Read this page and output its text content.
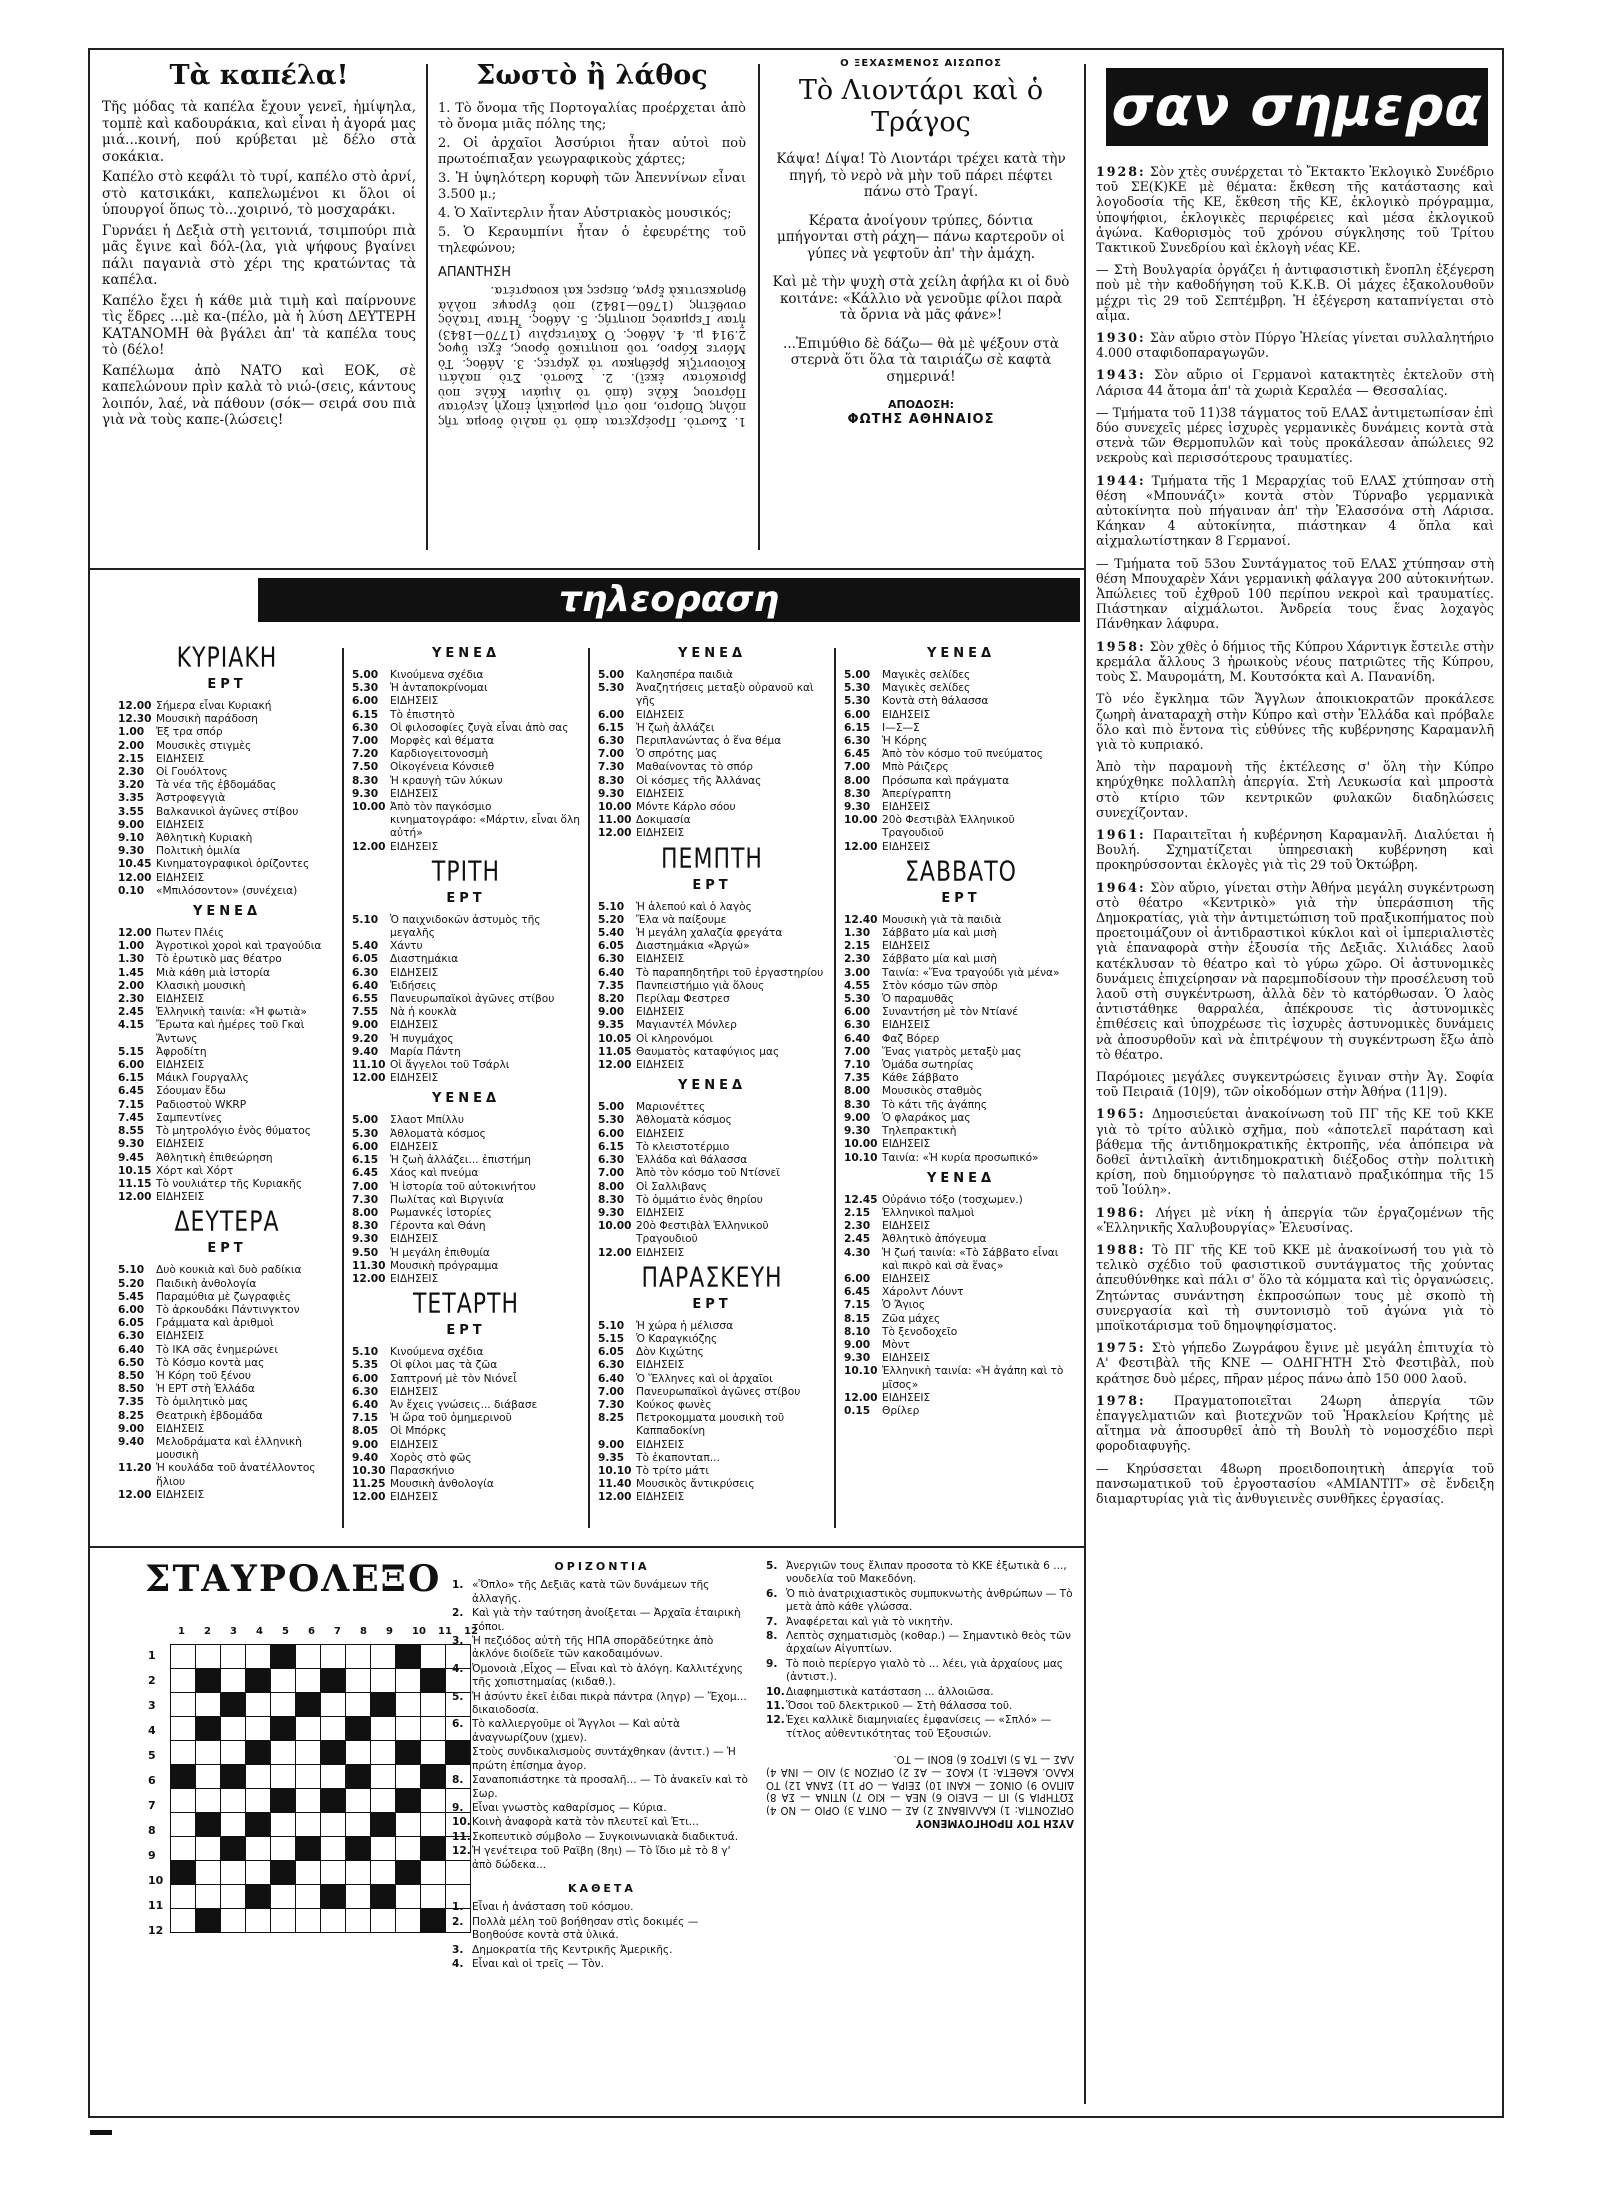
Τὰ καπέλα!

Τῆς μόδας τὰ καπέλα ἔχουν γενεῖ, ἡμίψηλα, τομπὲ καὶ καδουράκια, καὶ εἶναι ἡ ἀγορά μας μιά...κοινή, πού κρύβεται μὲ δέλο στὰ σοκάκια.

Καπέλο στὸ κεφάλι τὸ τυρί, καπέλο στὸ ἀρνί, στὸ κατσικάκι, καπελωμένοι κι ὅλοι οἱ ὑπουργοί ὅπως τὸ...χοιρινό, τὸ μοσχαράκι.

Γυρνάει ἡ Δεξιὰ στὴ γειτονιά, τσιμπούρι πιὰ μᾶς ἔγινε καὶ δόλ-(λα, γιὰ ψήφους βγαίνει πάλι παγανιὰ στὸ χέρι της κρατώντας τὰ καπέλα.

Καπέλο ἔχει ἡ κάθε μιὰ τιμὴ καὶ παίρνουνε τὶς ἕδρες ...μὲ κα-(πέλο, μὰ ἡ λύση ΔΕΥΤΕΡΗ ΚΑΤΑΝΟΜΗ θὰ βγάλει ἀπ' τὰ καπέλα τους τὸ (δέλο!

Καπέλωμα ἀπὸ ΝΑΤΟ καὶ ΕΟΚ, σὲ καπελώνουν πρὶν καλὰ τὸ νιώ-(σεις, κάντους λοιπόν, λαέ, νὰ πάθουν (σόκ— σειρά σου πιὰ γιὰ νὰ τοὺς καπε-(λώσεις!

Σωστὸ ἢ λάθος
1. Τὸ ὄνομα τῆς Πορτογαλίας προέρχεται ἀπὸ τὸ ὄνομα μιᾶς πόλης της;
2. Οἱ ἀρχαῖοι Ἀσσύριοι ἦταν αὐτοὶ ποὺ πρωτοέπιαξαν γεωγραφικοὺς χάρτες;
3. Ἡ ὑψηλότερη κορυφὴ τῶν Ἀπεννίνων εἶναι 3.500 μ.;
4. Ὁ Χαϊντερλιν ἦταν Αὐστριακὸς μουσικός;
5. Ὁ Κεραυμπίνι ἦταν ὁ ἐφευρέτης τοῦ τηλεφώνου;
ΑΠΑΝΤΗΣΗ
1. Σωστὸ. Προέρχεται ἀπὸ τὸ παλιὸ ὄνομα τῆς πόλης Ὀπόρτο, ποὺ στὴ ρωμαϊκὴ ἐποχὴ λεγόταν Πόρτους Κάλε (ἀπὸ τὸ λιμάνι Κάλε ποὺ βρισκόταν ἐκεῖ). 2. Σωστὸ. Στὸ παλάτι Κοϊουντζὶκ βρέθηκαν τὰ χάρτες. 3. Λάθος. Τὸ Μόντε Κόρνο, τοῦ ποιητικοῦ ὄρους, ἔχει ὕψος 2.914 μ. 4. Λάθος. Ὁ Χαϊντερλιν (1770—1843) ἦταν Γερμανὸς ποιητής. 5. Λάθος. Ἦταν Ἰταλὸς συνθέτης (1760—1842) ποὺ ἔγραψε πολλὰ θρησκευτικὰ ἔργα, ὄπερες καὶ κουαρτέτα.
Ο ΞΕΧΑΣΜΕΝΟΣ ΑΙΣΩΠΟΣ
Τὸ Λιοντάρι καὶ ὁ Τράγος

Κάψα! Δίψα! Τὸ Λιοντάρι τρέχει κατὰ τὴν πηγή, τὸ νερὸ νὰ μὴν τοῦ πάρει πέφτει πάνω στὸ Τραγί.

Κέρατα ἀνοίγουν τρύπες, δόντια μπήγονται στὴ ράχη— πάνω καρτεροῦν οἱ γύπες νὰ γεφτοῦν ἀπ' τὴν ἀμάχη.

Καὶ μὲ τὴν ψυχὴ στὰ χείλη ἀφήλα κι οἱ δυὸ κοιτάνε: «Κάλλιο νὰ γενοῦμε φίλοι παρὰ τὰ ὄρνια νὰ μᾶς φάνε»!

...Ἐπιμύθιο δὲ δάζω— θὰ μὲ ψέξουν στὰ στερνὰ ὅτι ὅλα τὰ ταιριάζω σὲ καφτὰ σημερινά!

ΑΠΟΔΟΣΗ:
ΦΩΤΗΣ ΑΘΗΝΑΙΟΣ
σαν σημερα

1928: Σὸν χτὲς συνέρχεται τὸ Ἔκτακτο Ἐκλογικὸ Συνέδριο τοῦ ΣΕ(Κ)ΚΕ μὲ θέματα: ἔκθεση τῆς κατάστασης καὶ λογοδοσία τῆς ΚΕ, ἔκθεση τῆς ΚΕ, ἐκλογικὸ πρόγραμμα, ὑποψήφιοι, ἐκλογικὲς περιφέρειες καὶ μέσα ἐκλογικοῦ ἀγώνα. Καθορισμὸς τοῦ χρόνου σύγκλησης τοῦ Τρίτου Τακτικοῦ Συνεδρίου καὶ ἐκλογὴ νέας ΚΕ.

— Στὴ Βουλγαρία ὀργάζει ἡ ἀντιφασιστικὴ ἔνοπλη ἐξέγερση ποὺ μὲ τὴν καθοδήγηση τοῦ Κ.Κ.Β. Οἱ μάχες ἐξακολουθοῦν μέχρι τὶς 29 τοῦ Σεπτέμβρη. Ἡ ἐξέγερση καταπνίγεται στὸ αἷμα.

1930: Σὰν αὔριο στὸν Πύργο Ἠλείας γίνεται συλλαλητήριο 4.000 σταφιδοπαραγωγῶν.

1943: Σὸν αὔριο οἱ Γερμανοὶ κατακτητὲς ἐκτελοῦν στὴ Λάρισα 44 ἄτομα ἀπ' τὰ χωριὰ Κεραλέα — Θεσσαλίας.

— Τμήματα τοῦ 11)38 τάγματος τοῦ ΕΛΑΣ ἀντιμετωπίσαν ἐπὶ δύο συνεχεῖς μέρες ἰσχυρὲς γερμανικὲς δυνάμεις κοντὰ στὰ στενὰ τῶν Θερμοπυλῶν καὶ τοὺς προκάλεσαν ἀπώλειες 92 νεκροὺς καὶ περισσότερους τραυματίες.

1944: Τμήματα τῆς 1 Μεραρχίας τοῦ ΕΛΑΣ χτύπησαν στὴ θέση «Μπουνάζι» κοντὰ στὸν Τύρναβο γερμανικὰ αὐτοκίνητα ποὺ πήγαιναν ἀπ' τὴν Ἐλασσόνα στὴ Λάρισα. Κάηκαν 4 αὐτοκίνητα, πιάστηκαν 4 ὅπλα καὶ αἰχμαλωτίστηκαν 8 Γερμανοί.

— Τμήματα τοῦ 53ου Συντάγματος τοῦ ΕΛΑΣ χτύπησαν στὴ θέση Μπουχαρὲν Χάνι γερμανικὴ φάλαγγα 200 αὐτοκινήτων. Ἀπώλειες τοῦ ἐχθροῦ 100 περίπου νεκροὶ καὶ τραυματίες. Πιάστηκαν αἰχμάλωτοι. Ἀνδρεία τους ἕνας λοχαγὸς Πάνθηκαν λάφυρα.

1958: Σὸν χθὲς ὁ δήμιος τῆς Κύπρου Χάρντιγκ ἔστειλε στὴν κρεμάλα ἄλλους 3 ἡρωικοὺς νέους πατριῶτες τῆς Κύπρου, τοὺς Σ. Μαυρομάτη, Μ. Κουτσόκτα καὶ Α. Πανανίδη.

Τὸ νέο ἔγκλημα τῶν Ἄγγλων ἀποικιοκρατῶν προκάλεσε ζωηρὴ ἀναταραχὴ στὴν Κύπρο καὶ στὴν Ἑλλάδα καὶ πρόβαλε ὅλο καὶ πιὸ ἔντονα τὶς εὐθύνες τῆς κυβέρνησης Καραμανλῆ γιὰ τὸ κυπριακό.

Ἀπὸ τὴν παραμονὴ τῆς ἐκτέλεσης σ' ὅλη τὴν Κύπρο κηρύχθηκε πολλαπλὴ ἀπεργία. Στὴ Λευκωσία καὶ μπροστὰ στὸ κτίριο τῶν κεντρικῶν φυλακῶν διαδηλώσεις συνεχίζονταν.

1961: Παραιτεῖται ἡ κυβέρνηση Καραμανλῆ. Διαλύεται ἡ Βουλή. Σχηματίζεται ὑπηρεσιακὴ κυβέρνηση καὶ προκηρύσσονται ἐκλογὲς γιὰ τὶς 29 τοῦ Ὀκτώβρη.

1964: Σὸν αὔριο, γίνεται στὴν Ἀθήνα μεγάλη συγκέντρωση στὸ θέατρο «Κεντρικὸ» γιὰ τὴν ὑπεράσπιση τῆς Δημοκρατίας, γιὰ τὴν ἀντιμετώπιση τοῦ πραξικοπήματος ποὺ προετοιμάζουν οἱ ἀντιδραστικοὶ κύκλοι καὶ οἱ ἰμπεριαλιστὲς γιὰ ἐπαναφορὰ στὴν ἐξουσία τῆς Δεξιᾶς. Χιλιάδες λαοῦ κατέκλυσαν τὸ θέατρο καὶ τὸ γύρω χῶρο. Οἱ ἀστυνομικὲς δυνάμεις ἐπιχείρησαν νὰ παρεμποδίσουν τὴν προσέλευση τοῦ λαοῦ στὴ συγκέντρωση, ἀλλὰ δὲν τὸ κατόρθωσαν. Ὁ λαὸς ἀντιστάθηκε θαρραλέα, ἀπέκρουσε τὶς ἀστυνομικὲς ἐπιθέσεις καὶ ὑποχρέωσε τὶς ἰσχυρὲς ἀστυνομικὲς δυνάμεις νὰ ἀποσυρθοῦν καὶ νὰ ἐπιτρέψουν τὴ συγκέντρωση ἔξω ἀπὸ τὸ θέατρο.

Παρόμοιες μεγάλες συγκεντρώσεις ἔγιναν στὴν Ἁγ. Σοφία τοῦ Πειραιᾶ (10|9), τῶν οἰκοδόμων στὴν Ἀθήνα (11|9).

1965: Δημοσιεύεται ἀνακοίνωση τοῦ ΠΓ τῆς ΚΕ τοῦ ΚΚΕ γιὰ τὸ τρίτο αὐλικὸ σχῆμα, ποὺ «ἀποτελεῖ παράταση καὶ βάθεμα τῆς ἀντιδημοκρατικῆς ἐκτροπῆς, νέα ἀπόπειρα νὰ δοθεῖ ἀντιλαϊκὴ ἀντιδημοκρατικὴ διέξοδος στὴν πολιτικὴ κρίση, ποὺ δημιούργησε τὸ παλατιανὸ πραξικόπημα τῆς 15 τοῦ Ἰούλη».

1986: Λήγει μὲ νίκη ἡ ἀπεργία τῶν ἐργαζομένων τῆς «Ἑλληνικῆς Χαλυβουργίας» Ἐλευσίνας.

1988: Τὸ ΠΓ τῆς ΚΕ τοῦ ΚΚΕ μὲ ἀνακοίνωσή του γιὰ τὸ τελικὸ σχέδιο τοῦ φασιστικοῦ συντάγματος τῆς χούντας ἀπευθύνθηκε καὶ πάλι σ' ὅλο τὰ κόμματα καὶ τὶς ὀργανώσεις. Ζητώντας συνάντηση ἐκπροσώπων τους μὲ σκοπὸ τὴ συνεργασία καὶ τὴ συντονισμὸ τοῦ ἀγώνα γιὰ τὸ μποϊκοτάρισμα τοῦ δημοψηφίσματος.

1975: Στὸ γήπεδο Ζωγράφου ἔγινε μὲ μεγάλη ἐπιτυχία τὸ Α' Φεστιβὰλ τῆς ΚΝΕ — ΟΔΗΓΗΤΗ Στὸ Φεστιβὰλ, ποὺ κράτησε δυὸ μέρες, πῆραν μέρος πάνω ἀπὸ 150 000 λαοῦ.

1978: Πραγματοποιεῖται 24ωρη ἀπεργία τῶν ἐπαγγελματιῶν καὶ βιοτεχνῶν τοῦ Ἡρακλείου Κρήτης μὲ αἴτημα νὰ ἀποσυρθεῖ ἀπὸ τὴ Βουλὴ τὸ νομοσχέδιο περὶ φοροδιαφυγῆς.

— Κηρύσσεται 48ωρη προειδοποιητικὴ ἀπεργία τοῦ πανσωματικοῦ τοῦ ἐργοστασίου «ΑΜΙΑΝΤΙΤ» σὲ ἔνδειξη διαμαρτυρίας γιὰ τὶς ἀνθυγιεινὲς συνθῆκες ἐργασίας.

τηλεοραση
ΚΥΡΙΑΚΗ
ΕΡΤ
12.00 Σήμερα εἶναι Κυριακή
12.30 Μουσικὴ παράδοση
1.00	Ἐξ τρα σπόρ
2.00	Μουσικὲς στιγμὲς
2.15	ΕΙΔΗΣΕΙΣ
2.30	Οἱ Γουόλτονς
3.20	Τὰ νέα τῆς ἐβδομάδας
3.35	Ἀστροφεγγιὰ
3.55	Βαλκανικοὶ ἀγῶνες στίβου
9.00	ΕΙΔΗΣΕΙΣ
9.10	Ἀθλητικὴ Κυριακὴ
9.30	Πολιτικὴ ὁμιλία
10.45 Κινηματογραφικοὶ ὁρίζοντες
12.00 ΕΙΔΗΣΕΙΣ
0.10	«Μπιλόσοντον» (συνέχεια)
ΥΕΝΕΔ
12.00 Πωτεν Πλέις
1.00	Ἀγροτικοὶ χοροὶ καὶ τραγούδια
1.30	Τὸ ἐρωτικὸ μας θέατρο
1.45	Μιὰ κάθη μιὰ ἱστορία
2.00	Κλασικὴ μουσικὴ
2.30	ΕΙΔΗΣΕΙΣ
2.45	Ἑλληνικὴ ταινία: «Ἡ φωτιὰ»
4.15	Ἔρωτα καὶ ἡμέρες τοῦ Γκαὶ Ἄντωνς
5.15	Ἀφροδίτη
6.00	ΕΙΔΗΣΕΙΣ
6.15	Μάικλ Γουργαλλς
6.45	Σόουμαν ἔδω
7.15	Ραδιοστοὺ WKRP
7.45	Σαμπεντίνες
8.55	Τὸ μητρολόγιο ἑνὸς θύματος
9.30	ΕΙΔΗΣΕΙΣ
9.45	Ἀθλητικὴ ἐπιθεώρηση
10.15 Χόρτ καὶ Χόρτ
11.15 Τὸ νουλιάτερ τῆς Κυριακῆς
12.00 ΕΙΔΗΣΕΙΣ
ΔΕΥΤΕΡΑ
ΕΡΤ
5.10	Δυὸ κουκιὰ καὶ δυὸ ραδίκια
5.20	Παιδικὴ ἀνθολογία
5.45	Παραμύθια μὲ ζωγραφιὲς
6.00	Τὸ ἀρκουδάκι Πάντινγκτον
6.05	Γράμματα καὶ ἀριθμοὶ
6.30	ΕΙΔΗΣΕΙΣ
6.40	Τὸ ΙΚΑ σᾶς ἐνημερώνει
6.50	Τὸ Κόσμο κοντὰ μας
8.50	Ἡ Κόρη τοῦ ξένου
8.50	Ἡ ΕΡΤ στὴ Ἑλλάδα
7.35	Τὸ ὀμιλητικὸ μας
8.25	Θεατρικὴ ἑβδομάδα
9.00	ΕΙΔΗΣΕΙΣ
9.40	Μελοδράματα καὶ ἑλληνικὴ μουσικὴ
11.20 Ἡ κουλάδα τοῦ ἀνατέλλοντος ἥλιου
12.00 ΕΙΔΗΣΕΙΣ
ΥΕΝΕΔ
5.00	Κινούμενα σχέδια
5.30	Ἡ ἀνταποκρίνομαι
6.00	ΕΙΔΗΣΕΙΣ
6.15	Τὸ ἐπιστητὸ
6.30	Οἱ φιλοσοφίες ζυγὰ εἶναι ἀπὸ σας
7.00	Μορφὲς καὶ θέματα
7.20	Καρδιογειτονοσμὴ
7.50	Οἰκογένεια Κόνσιεθ
8.30	Ἡ κραυγὴ τῶν λύκων
9.30	ΕΙΔΗΣΕΙΣ
10.00 Ἀπὸ τὸν παγκόσμιο κινηματογράφο: «Μάρτιν, εἶναι ὅλη αὐτή»
12.00 ΕΙΔΗΣΕΙΣ
ΤΡΙΤΗ
ΕΡΤ
5.10	Ὁ παιχνιδοκῶν ἀστυμὸς τῆς μεγαλῆς
5.40	Χάντυ
6.05	Διαστημάκια
6.30	ΕΙΔΗΣΕΙΣ
6.40	Ἑιδήσεις
6.55	Πανευρωπαϊκοὶ ἀγῶνες στίβου
7.55	Νὰ ἡ κουκλὰ
9.00	ΕΙΔΗΣΕΙΣ
9.20	Ἡ πυγμάχος
9.40	Μαρία Πάντη
11.10 Οἱ ἄγγελοι τοῦ Τσάρλι
12.00 ΕΙΔΗΣΕΙΣ
ΥΕΝΕΔ
5.00	Σλαοτ Μπίλλυ
5.30	Ἀθλοματὰ κόσμος
6.00	ΕΙΔΗΣΕΙΣ
6.15	Ἡ ζωὴ ἀλλάζει... ἐπιστήμη
6.45	Χάος καὶ πνεύμα
7.00	Ἡ ἱστορία τοῦ αὐτοκινήτου
7.30	Πωλίτας καὶ Βιργινία
8.00	Ρωμανκές ἱστορίες
8.30	Γέροντα καὶ Θάνη
9.30	ΕΙΔΗΣΕΙΣ
9.50	Ἡ μεγάλη ἐπιθυμία
11.30 Μουσικὴ πρόγραμμα
12.00 ΕΙΔΗΣΕΙΣ
ΤΕΤΑΡΤΗ
ΕΡΤ
5.10	Κινούμενα σχέδια
5.35	Οἱ φίλοι μας τὰ ζῶα
6.00	Σαπτρονή μὲ τὸν Νιόνεἷ
6.30	ΕΙΔΗΣΕΙΣ
6.40	Ἀν ἔχεις γνώσεις... διάβασε
7.15	Ἡ ὥρα τοῦ ὁμημερινοῦ
8.05	Οἱ Μπόρκς
9.00	ΕΙΔΗΣΕΙΣ
9.40	Χορὸς στὸ φῶς
10.30 Παρασκήνιο
11.25 Μουσικὴ ἀνθολογία
12.00 ΕΙΔΗΣΕΙΣ
ΥΕΝΕΔ
5.00	Καλησπέρα παιδιὰ
5.30	Ἀναζητήσεις μεταξὺ οὐρανοῦ καὶ γῆς
6.00	ΕΙΔΗΣΕΙΣ
6.15	Ἡ ζωὴ ἀλλάζει
6.30	Περιπλανώντας ὁ ἕνα θέμα
7.00	Ὁ σπρότης μας
7.30	Μαθαίνοντας τὸ σπόρ
8.30	Οἱ κόσμες τῆς Ἀλλάνας
9.30	ΕΙΔΗΣΕΙΣ
10.00 Μόντε Κάρλο σόου
11.00 Δοκιμασία
12.00 ΕΙΔΗΣΕΙΣ
ΠΕΜΠΤΗ
ΕΡΤ
5.10	Ἡ ἀλεπού καὶ ὁ λαγὸς
5.20	Ἔλα νὰ παίξουμε
5.40	Ἡ μεγάλη χαλαζία φρεγάτα
6.05	Διαστημάκια «Ἀργώ»
6.30	ΕΙΔΗΣΕΙΣ
6.40	Τὸ παραπηδητῆρι τοῦ ἐργαστηρίου
7.35	Πανπειστήμιο γιὰ ὅλους
8.20	Περίλαμ Φεστρεσ
9.00	ΕΙΔΗΣΕΙΣ
9.35	Μαγιαντέλ Μόνλερ
10.05 Οἱ κληρονόμοι
11.05 Θαυματὸς καταφύγιος μας
12.00 ΕΙΔΗΣΕΙΣ
ΥΕΝΕΔ
5.00	Μαριονέττες
5.30	Ἀθλοματὰ κόσμος
6.00	ΕΙΔΗΣΕΙΣ
6.15	Τὸ κλειστοτέρμιο
6.30	Ἑλλάδα καὶ θάλασσα
7.00	Ἀπὸ τὸν κόσμο τοῦ Ντίσνεϊ
8.00	Οἱ Σαλλιβανς
8.30	Τὸ ὀμμάτιο ἑνὸς θηρίου
9.30	ΕΙΔΗΣΕΙΣ
10.00 20ὸ Φεστιβὰλ Ἑλληνικοῦ Τραγουδιοῦ
12.00 ΕΙΔΗΣΕΙΣ
ΠΑΡΑΣΚΕΥΗ
ΕΡΤ
5.10	Ἡ χώρα ἡ μέλισσα
5.15	Ὁ Καραγκιόζης
6.05	Δὸν Κιχώτης
6.30	ΕΙΔΗΣΕΙΣ
6.40	Ὁ Ἕλληνες καὶ οἱ ἀρχαῖοι
7.00	Πανευρωπαϊκοὶ ἀγῶνες στίβου
7.30	Κούκος φωνὲς
8.25	Πετροκομματα μουσικὴ τοῦ Καππαδοκίνη
9.00	ΕΙΔΗΣΕΙΣ
9.35	Τὸ ἑκαπονταπ...
10.10 Τὸ τρίτο μάτι
11.40 Μουσικὸς ἄντικρύσεις
12.00 ΕΙΔΗΣΕΙΣ
ΥΕΝΕΔ
5.00	Μαγικὲς σελίδες
5.30	Μαγικὲς σελίδες
5.30	Κοντὰ στὴ θάλασσα
6.00	ΕΙΔΗΣΕΙΣ
6.15	Ι—Σ—Σ
6.30	Ἡ Κόρης
6.45	Ἀπὸ τὸν κόσμο τοῦ πνεύματος
7.00	Μπὸ Ράιζερς
8.00	Πρόσωπα καὶ πράγματα
8.30	Ἀπερίγραπτη
9.30	ΕΙΔΗΣΕΙΣ
10.00 20ὸ Φεστιβὰλ Ἑλληνικοῦ Τραγουδιοῦ
12.00 ΕΙΔΗΣΕΙΣ
ΣΑΒΒΑΤΟ
ΕΡΤ
12.40 Μουσικὴ γιὰ τὰ παιδιὰ
1.30	Σάββατο μία καὶ μισὴ
2.15	ΕΙΔΗΣΕΙΣ
2.30	Σάββατο μία καὶ μισὴ
3.00	Ταινία: «Ἕνα τραγούδι γιὰ μένα»
4.55	Στὸν κόσμο τῶν σπὸρ
5.30	Ὁ παραμυθᾶς
6.00	Συναντήση μὲ τὸν Ντίανέ
6.30	ΕΙΔΗΣΕΙΣ
6.40	Φαζ Βόρερ
7.00	Ἕνας γιατρὸς μεταξὺ μας
7.10	Ὁμάδα σωτηρίας
7.35	Κάθε Σάββατο
8.00	Μουσικὸς σταθμὸς
8.30	Τὸ κάτι τῆς ἀγάπης
9.00	Ὁ φλαράκος μας
9.30	Τηλεπρακτικὴ
10.00 ΕΙΔΗΣΕΙΣ
10.10 Ταινία: «Ἡ κυρία προσωπικό»
ΥΕΝΕΔ
12.45 Οὐράνιο τόξο (τοσχωμεν.)
2.15	Ἑλληνικοὶ παλμοὶ
2.30	ΕΙΔΗΣΕΙΣ
2.45	Ἀθλητικὸ ἀπόγευμα
4.30	Ἡ ζωή ταινία: «Τὸ Σάββατο εἶναι καὶ πικρὸ καὶ σὰ ἕνας»
6.00	ΕΙΔΗΣΕΙΣ
6.45	Χάρολντ Λόυντ
7.15	Ὁ Ἄγιος
8.15	Ζῶα μάχες
8.10	Τὸ ξενοδοχεῖο
9.00	Μὸντ
9.30	ΕΙΔΗΣΕΙΣ
10.10 Ἑλληνικὴ ταινία: «Ἡ ἀγάπη καὶ τὸ μῖσος»
12.00 ΕΙΔΗΣΕΙΣ
0.15	Θρίλερ
ΣΤΑΥΡΟΛΕΞΟ
1 2 3 4 5 6 7 8 9 10 11 12
1
2
3
4
5
6
7
8
9
10
11
12

ΟΡΙΖΟΝΤΙΑ
1. «Ὅπλο» τῆς Δεξιᾶς κατὰ τῶν δυνάμεων τῆς ἀλλαγῆς.
2. Καὶ γιὰ τὴν ταύτηση ἀνοίξεται — Ἀρχαῖα ἑταιρικὴ τόποι.
3. Ἡ πεζιόδος αὐτὴ τῆς ΗΠΑ σπορᾶδεύτηκε ἀπὸ ἀκλόνε διοίδεῖε τῶν κακοδαιμόνων.
4. Ὀμονοιὰ ,Εἶχος — Εἶναι καὶ τὸ ἀλόγη. Καλλιτέχνης τῆς χοπιστημαίας (κιδαθ.).
5. Ἡ ἀσύντυ ἐκεῖ ἐιδαι πικρὰ πάντρα (ληγρ) — Ἔχομ... δικαιοδοσία.
6. Τὸ καλλιεργοῦμε οἱ Ἄγγλοι — Καὶ αὐτὰ ἀναγνωρίζουν (χμεν).
7. Στοὺς συνδικαλισμοὺς συντάχθηκαν (ἀντιτ.) — Ἡ πρώτη ἐπίσημα ἀγορ.
8. Σαναποπιάστηκε τὰ προσαλῆ... — Τὸ ἀνακεῖν καὶ τὸ Σωρ.
9. Εἶναι γνωστὸς καθαρίσμος — Κύρια.
10. Κοινὴ ἀναφορὰ κατὰ τὸν πλευτεῖ καὶ Ἐτι...
11. Σκοπευτικὸ σύμβολο — Συγκοινωνιακὰ διαδικτυά.
12. Ἡ γενέτειρα τοῦ Ραϊβη (8ηι) — Τὸ ἴδιο μὲ τὸ 8 γ' ἀπὸ δώδεκα...
ΚΑΘΕΤΑ
1. Εἶναι ἡ ἀνάσταση τοῦ κόσμου.
2. Πολλὰ μέλη τοῦ βοήθησαν στὶς δοκιμές — Βοηθούσε κοντὰ στὰ ὑλικά.
3. Δημοκρατία τῆς Κεντρικῆς Ἀμερικῆς.
4. Εἶναι καὶ οἱ τρεῖς — Τὸν.
5. Ἀνεργιῶν τους ἔλιπαν προσοτα τὸ ΚΚΕ ἐξωτικὰ 6 ..., νουδελία τοῦ Μακεδόνη.
6. Ὁ πιὸ ἀνατριχιαστικὸς συμπυκνωτὴς ἀνθρώπων — Τὸ μετὰ ἀπὸ κάθε γλώσσα.
7. Ἀναφέρεται καὶ γιὰ τὸ νικητὴν.
8. Λεπτὸς σχηματισμὸς (κοθαρ.) — Σημαντικὸ θεὸς τῶν ἀρχαίων Αἰγυπτίων.
9. Τὸ ποιὸ περίεργο γιαλὸ τὸ ... λέει, γιὰ ἀρχαίους μας (ἀντιστ.).
10. Διαφημιστικὰ κατάσταση ... ἀλλοιῶσα.
11. Ὅσοι τοῦ δλεκτρικοῦ — Στὴ θάλασσα τοῦ.
12. Ἐχει καλλικὲ διαμηνιαίες ἐμφανίσεις — «Σπλό» — τίτλος αὐθεντικότητας τοῦ Ἐξουσιών.
ΛΥΣΗ ΤΟΥ ΠΡΟΗΓΟΥΜΕΝΟΥ
ΟΡΙΖΟΝΤΙΑ: 1) ΚΑΛΛΙΒΑΝΣ 2) ΑΣ — ΟΝΤΑ 3) ΟΡΙΟ — ΝΟ 4) ΣΩΤΗΡΙΑ 5) ΙΠ — ΕΛΕΙΟ 6) ΝΕΑ — ΚΙΟ 7) ΝΤΙΝΑ — ΣΑ 8) ΔΙΠΛΟ 9) ΟΙΝΟΣ — ΚΑΝΙ 10) ΣΕΙΡΑ — ΟΡ 11) ΣΑΝΑ 12) ΤΟ ΚΑΛΟ. ΚΑΘΕΤΑ: 1) ΚΑΟΣ — ΑΣ 2) ΟΡΙΖΟΝ 3) ΛΙΟ — ΙΝΑ 4) ΛΑΣ — ΤΑ 5) ΙΑΤΡΟΣ 6) ΒΟΝΙ — ΤΟ.
